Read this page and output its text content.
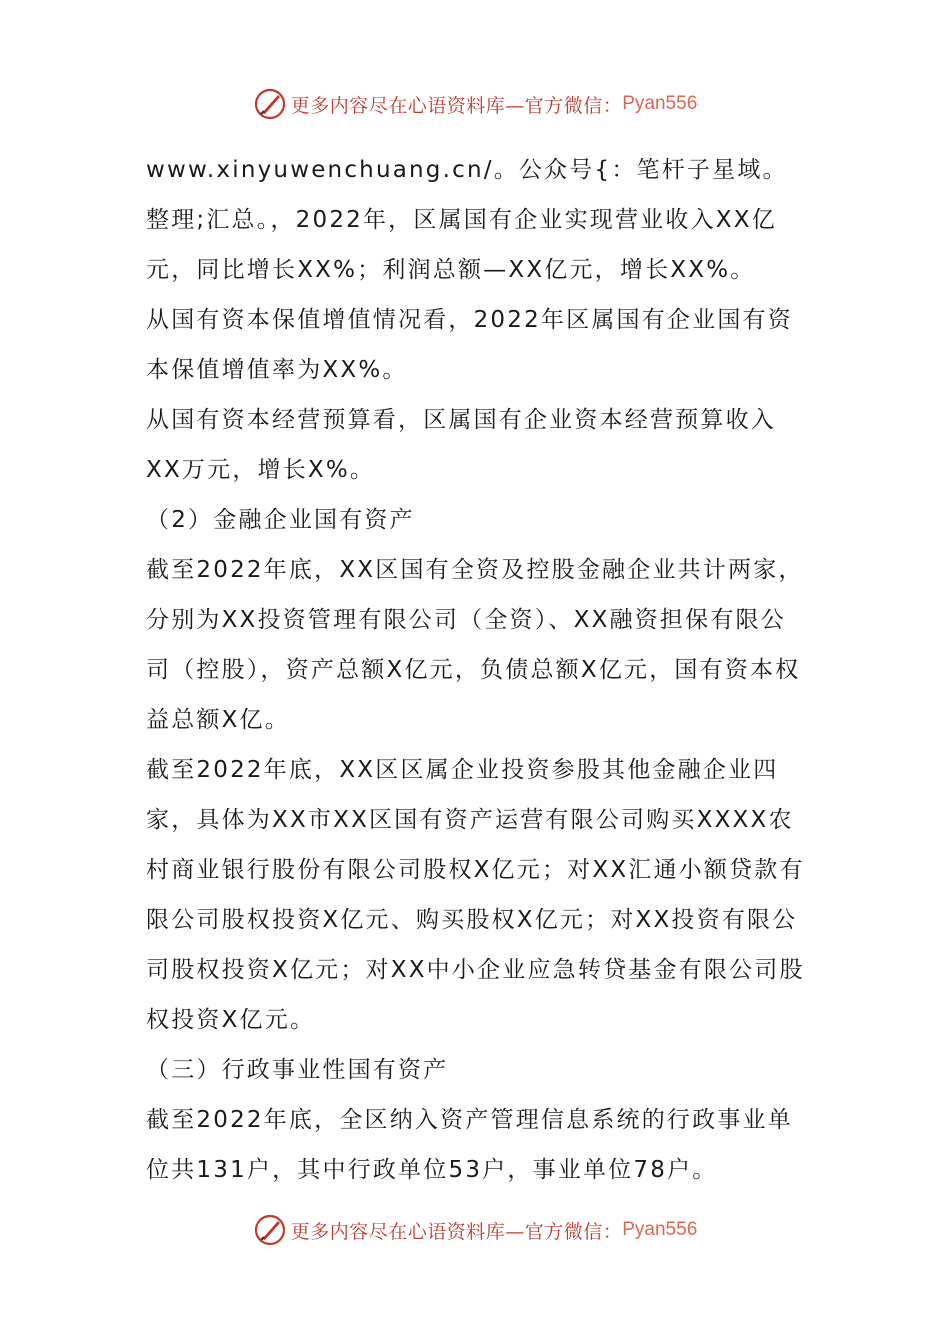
更多内容尽在心语资料库—官方微信： Pyan556

www.xinyuwenchuang.cn/。公众号{：笔杆子星域。整理;汇总。，2022年，区属国有企业实现营业收入XX亿元，同比增长XX%；利润总额—XX亿元，增长XX%。

从国有资本保值增值情况看，2022年区属国有企业国有资本保值增值率为XX%。

从国有资本经营预算看，区属国有企业资本经营预算收入XX万元，增长X%。

（2）金融企业国有资产

截至2022年底，XX区国有全资及控股金融企业共计两家，分别为XX投资管理有限公司（全资）、XX融资担保有限公司（控股），资产总额X亿元，负债总额X亿元，国有资本权益总额X亿。

截至2022年底，XX区区属企业投资参股其他金融企业四家，具体为XX市XX区国有资产运营有限公司购买XXXX农村商业银行股份有限公司股权X亿元；对XX汇通小额贷款有限公司股权投资X亿元、购买股权X亿元；对XX投资有限公司股权投资X亿元；对XX中小企业应急转贷基金有限公司股权投资X亿元。

（三）行政事业性国有资产

截至2022年底，全区纳入资产管理信息系统的行政事业单位共131户，其中行政单位53户，事业单位78户。

更多内容尽在心语资料库—官方微信： Pyan556
